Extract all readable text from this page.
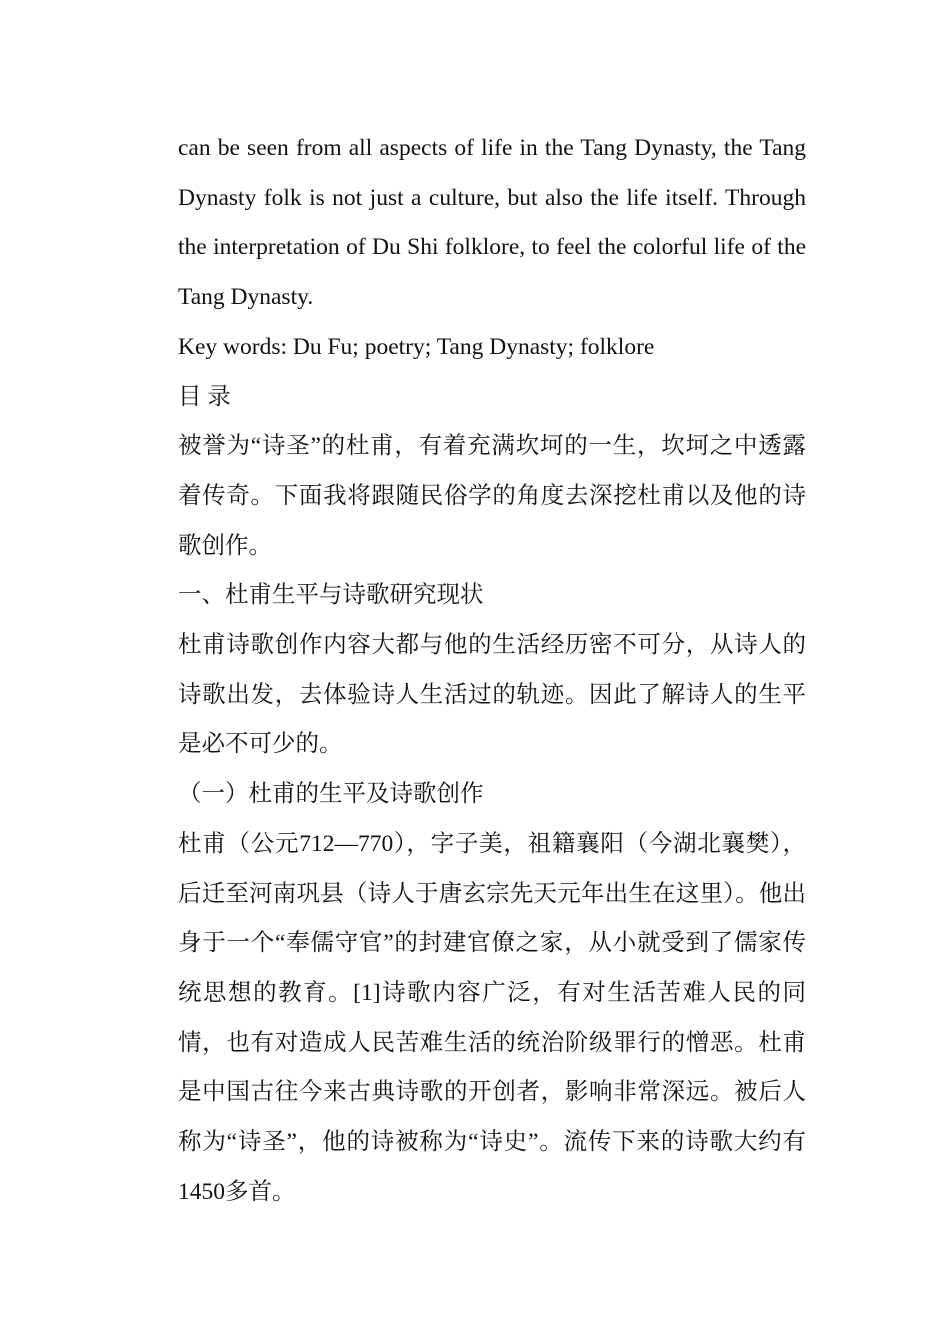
can be seen from all aspects of life in the Tang Dynasty, the Tang Dynasty folk is not just a culture, but also the life itself. Through the interpretation of Du Shi folklore, to feel the colorful life of the Tang Dynasty.

Key words: Du Fu; poetry; Tang Dynasty; folklore

目 录

被誉为“诗圣”的杜甫，有着充满坎坷的一生，坎坷之中透露着传奇。下面我将跟随民俗学的角度去深挖杜甫以及他的诗歌创作。

一、杜甫生平与诗歌研究现状

杜甫诗歌创作内容大都与他的生活经历密不可分，从诗人的诗歌出发，去体验诗人生活过的轨迹。因此了解诗人的生平是必不可少的。

（一）杜甫的生平及诗歌创作

杜甫（公元712—770），字子美，祖籍襄阳（今湖北襄樊），后迁至河南巩县（诗人于唐玄宗先天元年出生在这里）。他出身于一个“奉儒守官”的封建官僚之家，从小就受到了儒家传统思想的教育。[1]诗歌内容广泛，有对生活苦难人民的同情，也有对造成人民苦难生活的统治阶级罪行的憎恶。杜甫是中国古往今来古典诗歌的开创者，影响非常深远。被后人称为“诗圣”，他的诗被称为“诗史”。流传下来的诗歌大约有1450多首。
